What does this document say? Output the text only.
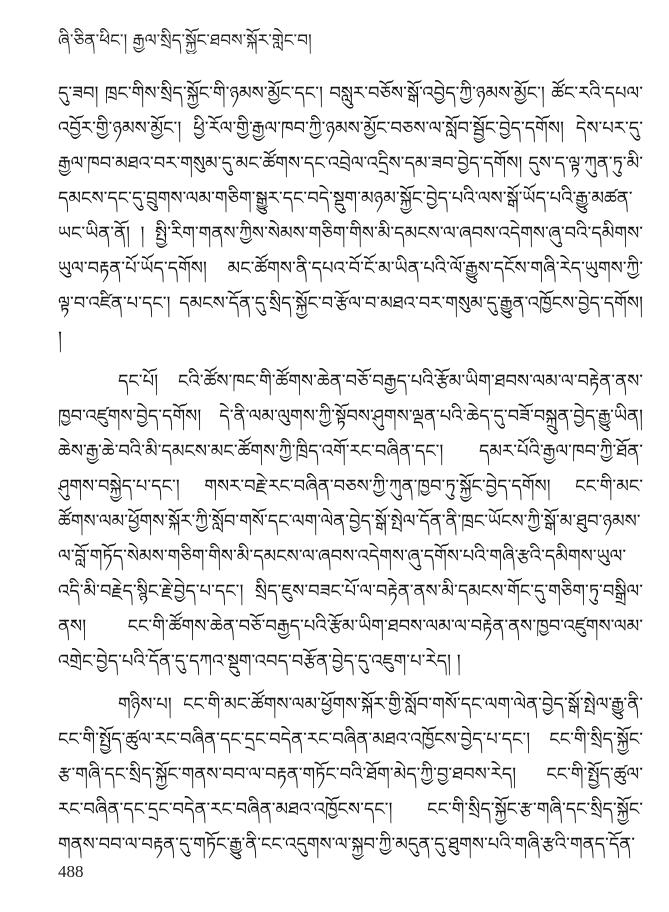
ཞི་ཅིན་ཕིང་། རྒྱལ་སྲིད་སྐྱོང་ཐབས་སྐོར་གླེང་བ།

དུ་ཟབ། ཁྲང་གིས་སྲིད་སྐྱོང་གི་ཉམས་མྱོང་དང་། བསླུར་བཅོས་སྒོ་འབྱེད་ཀྱི་ཉམས་མྱོང་། ཚོང་རའི་དཔལ་འབྱོར་གྱི་ཉམས་མྱོང་། ཕྱི་རོལ་གྱི་རྒྱལ་ཁབ་ཀྱི་ཉམས་མྱོང་བཅས་ལ་སློབ་སྦྱོང་བྱེད་དགོས། དེས་པར་དུ་རྒྱལ་ཁབ་མཐའ་བར་གསུམ་དུ་མང་ཚོགས་དང་འབྲེལ་འདྲིས་དམ་ཟབ་བྱེད་དགོས། དུས་ད་ལྟ་ཀུན་ཏུ་མི་དམངས་དང་དུ་བྲུགས་ལམ་གཅིག་སྒྱུར་དང་བདེ་སྡུག་མཉམ་སྐྱོང་བྱེད་པའི་ལས་སྒོ་ཡོད་པའི་རྒྱུ་མཚན་ཡང་ཡིན་ནོ། ། སྤྱི་རིག་གནས་ཀྱིས་སེམས་གཅིག་གིས་མི་དམངས་ལ་ཞབས་འདེགས་ཞུ་བའི་དམིགས་ཡུལ་བརྟན་པོ་ཡོད་དགོས། མང་ཚོགས་ནི་དཔའ་བོ་ངོ་མ་ཡིན་པའི་ལོ་རྒྱུས་དངོས་གཞི་རེད་ཡུགས་ཀྱི་ལྟ་བ་འཛིན་པ་དང་། དམངས་དོན་དུ་སྲིད་སྐྱོང་བ་རྩོལ་བ་མཐའ་བར་གསུམ་དུ་རྒྱུན་འཁྱོངས་བྱེད་དགོས། །

དང་པོ། ངའི་ཚོས་ཁང་གི་ཚོགས་ཆེན་བཅོ་བརྒྱད་པའི་རྩོམ་ཡིག་ཐབས་ལམ་ལ་བརྟེན་ནས་ཁྱབ་འཛུགས་བྱེད་དགོས། དེ་ནི་ལམ་ལུགས་ཀྱི་སྟོབས་ཤུགས་ལྡན་པའི་ཆེད་དུ་བཟོ་བསྐྲུན་བྱེད་རྒྱུ་ཡིན། ཆེས་རྒྱ་ཆེ་བའི་མི་དམངས་མང་ཚོགས་ཀྱི་ཁྲིད་འགོ་རང་བཞིན་དང་། དམར་པོའི་རྒྱལ་ཁབ་ཀྱི་ཐོན་ཤུགས་བསྐྱེད་པ་དང་། གསར་བརྗེ་རང་བཞིན་བཅས་ཀྱི་ཀུན་ཁྱབ་ཏུ་སྐྱོང་བྱེད་དགོས། ངང་གི་མང་ཚོགས་ལམ་ཕྱོགས་སྐོར་ཀྱི་སློབ་གསོ་དང་ལག་ལེན་བྱེད་སྒོ་སྤེལ་དོན་ནི་ཁྲང་ཡོངས་ཀྱི་སྒོ་མ་ཐུབ་ཉམས་ལ་བློ་གཏོད་སེམས་གཅིག་གིས་མི་དམངས་ལ་ཞབས་འདེགས་ཞུ་དགོས་པའི་གཞི་རྩའི་དམིགས་ཡུལ་འདི་མི་བརྗེད་སྙིང་རྗེ་བྱེད་པ་དང་། སྲིད་ཇུས་བཟང་པོ་ལ་བརྟེན་ནས་མི་དམངས་གོང་དུ་གཅིག་ཏུ་བསྒྲིལ་ནས། ངང་གི་ཚོགས་ཆེན་བཅོ་བརྒྱད་པའི་རྩོམ་ཡིག་ཐབས་ལམ་ལ་བརྟེན་ནས་ཁྱབ་འཛུགས་ལམ་འགྲེང་བྱེད་པའི་དོན་དུ་དཀའ་སྡུག་འབད་བརྩོན་བྱེད་དུ་འཇུག་པ་རེད། །

གཉིས་པ། ངང་གི་མང་ཚོགས་ལམ་ཕྱོགས་སྐོར་གྱི་སློབ་གསོ་དང་ལག་ལེན་བྱེད་སྒོ་སྤེལ་རྒྱུ་ནི་ངང་གི་སྤྱོད་ཚུལ་རང་བཞིན་དང་དྲང་བདེན་རང་བཞིན་མཐའ་འཁྱོངས་བྱེད་པ་དང་། ངང་གི་སྲིད་སྐྱོང་རྩ་གཞི་དང་སྲིད་སྐྱོང་གནས་བབ་ལ་བརྟན་གཏོང་བའི་ཐོག་མེད་ཀྱི་བྱ་ཐབས་རེད། ངང་གི་སྤྱོད་ཚུལ་རང་བཞིན་དང་དྲང་བདེན་རང་བཞིན་མཐའ་འཁྱོངས་དང་། ངང་གི་སྲིད་སྐྱོང་རྩ་གཞི་དང་སྲིད་སྐྱོང་གནས་བབ་ལ་བརྟན་དུ་གཏོང་རྒྱུ་ནི་ངང་འདུགས་ལ་སྐྱབ་ཀྱི་མདུན་དུ་ཐུགས་པའི་གཞི་རྩའི་གནད་དོན་

488
